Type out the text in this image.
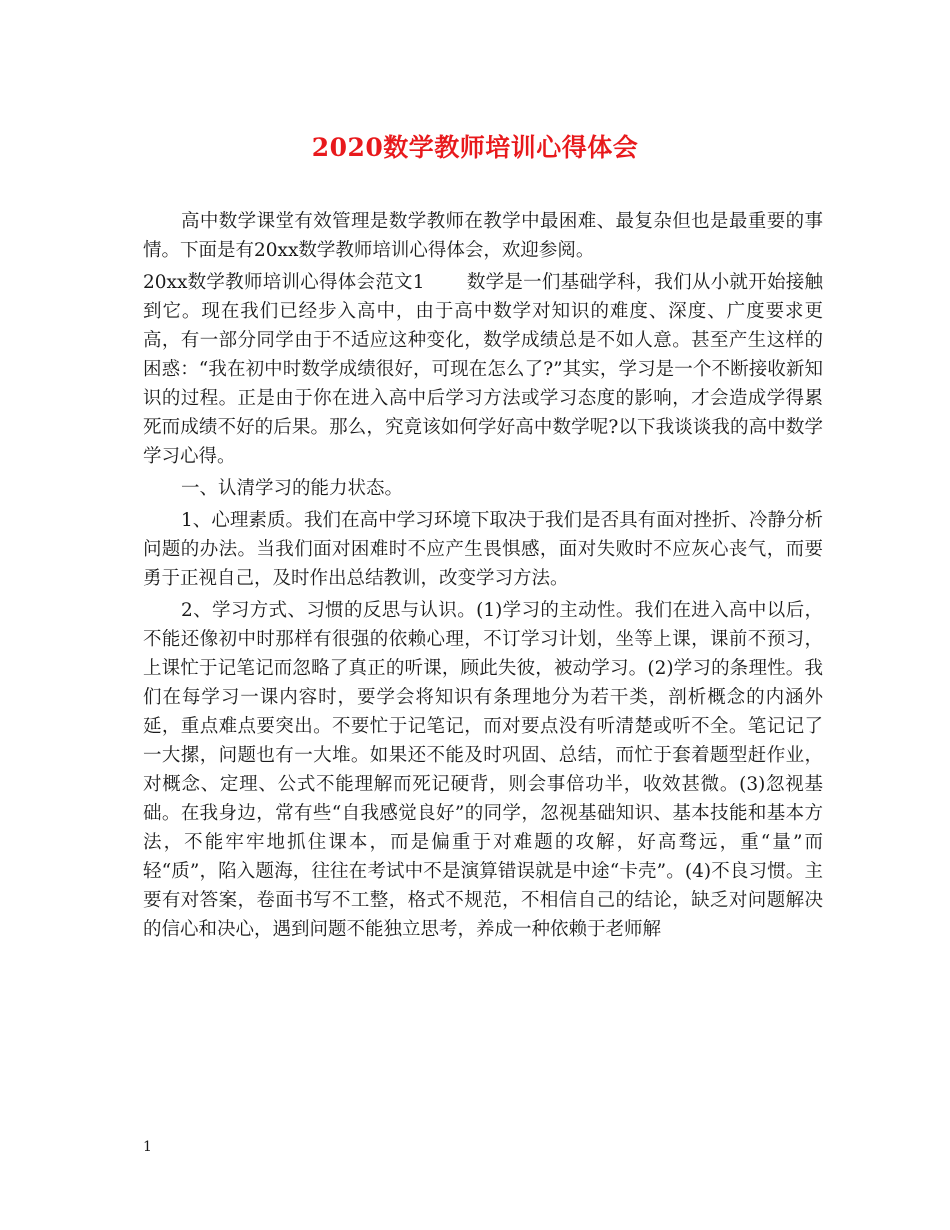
2020数学教师培训心得体会

高中数学课堂有效管理是数学教师在教学中最困难、最复杂但也是最重要的事情。下面是有20xx数学教师培训心得体会，欢迎参阅。

20xx数学教师培训心得体会范文1 数学是一们基础学科，我们从小就开始接触到它。现在我们已经步入高中，由于高中数学对知识的难度、深度、广度要求更高，有一部分同学由于不适应这种变化，数学成绩总是不如人意。甚至产生这样的困惑：“我在初中时数学成绩很好，可现在怎么了?”其实，学习是一个不断接收新知识的过程。正是由于你在进入高中后学习方法或学习态度的影响，才会造成学得累死而成绩不好的后果。那么，究竟该如何学好高中数学呢?以下我谈谈我的高中数学学习心得。

一、认清学习的能力状态。

1、心理素质。我们在高中学习环境下取决于我们是否具有面对挫折、冷静分析问题的办法。当我们面对困难时不应产生畏惧感，面对失败时不应灰心丧气，而要勇于正视自己，及时作出总结教训，改变学习方法。

2、学习方式、习惯的反思与认识。(1)学习的主动性。我们在进入高中以后，不能还像初中时那样有很强的依赖心理，不订学习计划，坐等上课，课前不预习，上课忙于记笔记而忽略了真正的听课，顾此失彼，被动学习。(2)学习的条理性。我们在每学习一课内容时，要学会将知识有条理地分为若干类，剖析概念的内涵外延，重点难点要突出。不要忙于记笔记，而对要点没有听清楚或听不全。笔记记了一大摞，问题也有一大堆。如果还不能及时巩固、总结，而忙于套着题型赶作业，对概念、定理、公式不能理解而死记硬背，则会事倍功半，收效甚微。(3)忽视基础。在我身边，常有些“自我感觉良好”的同学，忽视基础知识、基本技能和基本方法，不能牢牢地抓住课本，而是偏重于对难题的攻解，好高骛远，重“量”而轻“质”，陷入题海，往往在考试中不是演算错误就是中途“卡壳”。(4)不良习惯。主要有对答案，卷面书写不工整，格式不规范，不相信自己的结论，缺乏对问题解决的信心和决心，遇到问题不能独立思考，养成一种依赖于老师解

1
